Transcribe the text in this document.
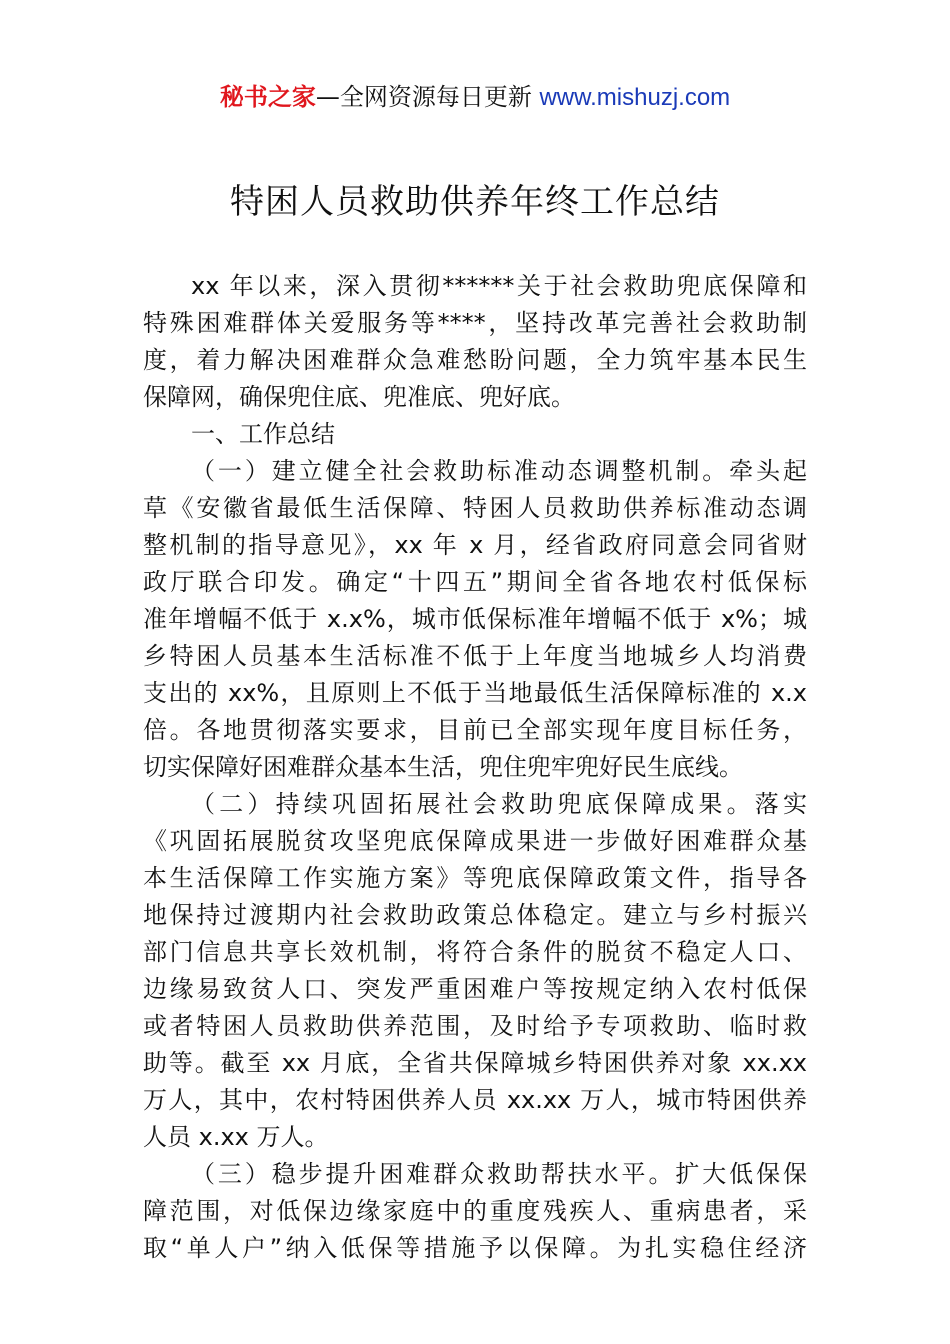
秘书之家—全网资源每日更新 www.mishuzj.com
特困人员救助供养年终工作总结
xx 年以来，深入贯彻******关于社会救助兜底保障和
特殊困难群体关爱服务等****，坚持改革完善社会救助制
度，着力解决困难群众急难愁盼问题，全力筑牢基本民生
保障网，确保兜住底、兜准底、兜好底。
一、工作总结
（一）建立健全社会救助标准动态调整机制。牵头起
草《安徽省最低生活保障、特困人员救助供养标准动态调
整机制的指导意见》，xx 年 x 月，经省政府同意会同省财
政厅联合印发。确定“十四五”期间全省各地农村低保标
准年增幅不低于 x.x%，城市低保标准年增幅不低于 x%；城
乡特困人员基本生活标准不低于上年度当地城乡人均消费
支出的 xx%，且原则上不低于当地最低生活保障标准的 x.x
倍。各地贯彻落实要求，目前已全部实现年度目标任务，
切实保障好困难群众基本生活，兜住兜牢兜好民生底线。
（二）持续巩固拓展社会救助兜底保障成果。落实
《巩固拓展脱贫攻坚兜底保障成果进一步做好困难群众基
本生活保障工作实施方案》等兜底保障政策文件，指导各
地保持过渡期内社会救助政策总体稳定。建立与乡村振兴
部门信息共享长效机制，将符合条件的脱贫不稳定人口、
边缘易致贫人口、突发严重困难户等按规定纳入农村低保
或者特困人员救助供养范围，及时给予专项救助、临时救
助等。截至 xx 月底，全省共保障城乡特困供养对象 xx.xx
万人，其中，农村特困供养人员 xx.xx 万人，城市特困供养
人员 x.xx 万人。
（三）稳步提升困难群众救助帮扶水平。扩大低保保
障范围，对低保边缘家庭中的重度残疾人、重病患者，采
取“单人户”纳入低保等措施予以保障。为扎实稳住经济
